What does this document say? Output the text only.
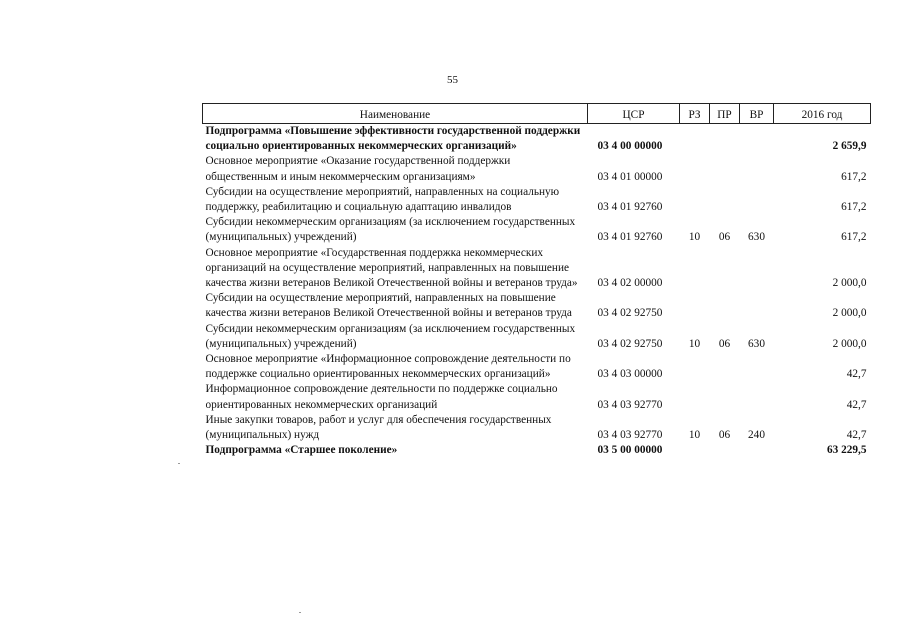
55
Наименование	ЦСР	РЗ	ПР	ВР	2016 год
Подпрограмма «Повышение эффективности государственной поддержки социально ориентированных некоммерческих организаций»	03 4 00 00000				2 659,9
Основное мероприятие «Оказание государственной поддержки общественным и иным некоммерческим организациям»	03 4 01 00000				617,2
Субсидии на осуществление мероприятий, направленных на социальную поддержку, реабилитацию и социальную адаптацию инвалидов	03 4 01 92760				617,2
Субсидии некоммерческим организациям (за исключением государственных (муниципальных) учреждений)	03 4 01 92760	10	06	630	617,2
Основное мероприятие «Государственная поддержка некоммерческих организаций на осуществление мероприятий, направленных на повышение качества жизни ветеранов Великой Отечественной войны и ветеранов труда»	03 4 02 00000				2 000,0
Субсидии на осуществление мероприятий, направленных на повышение качества жизни ветеранов Великой Отечественной войны и ветеранов труда	03 4 02 92750				2 000,0
Субсидии некоммерческим организациям (за исключением государственных (муниципальных) учреждений)	03 4 02 92750	10	06	630	2 000,0
Основное мероприятие «Информационное сопровождение деятельности по поддержке социально ориентированных некоммерческих организаций»	03 4 03 00000				42,7
Информационное сопровождение деятельности по поддержке социально ориентированных некоммерческих организаций	03 4 03 92770				42,7
Иные закупки товаров, работ и услуг для обеспечения государственных (муниципальных) нужд	03 4 03 92770	10	06	240	42,7
Подпрограмма «Старшее поколение»	03 5 00 00000				63 229,5
